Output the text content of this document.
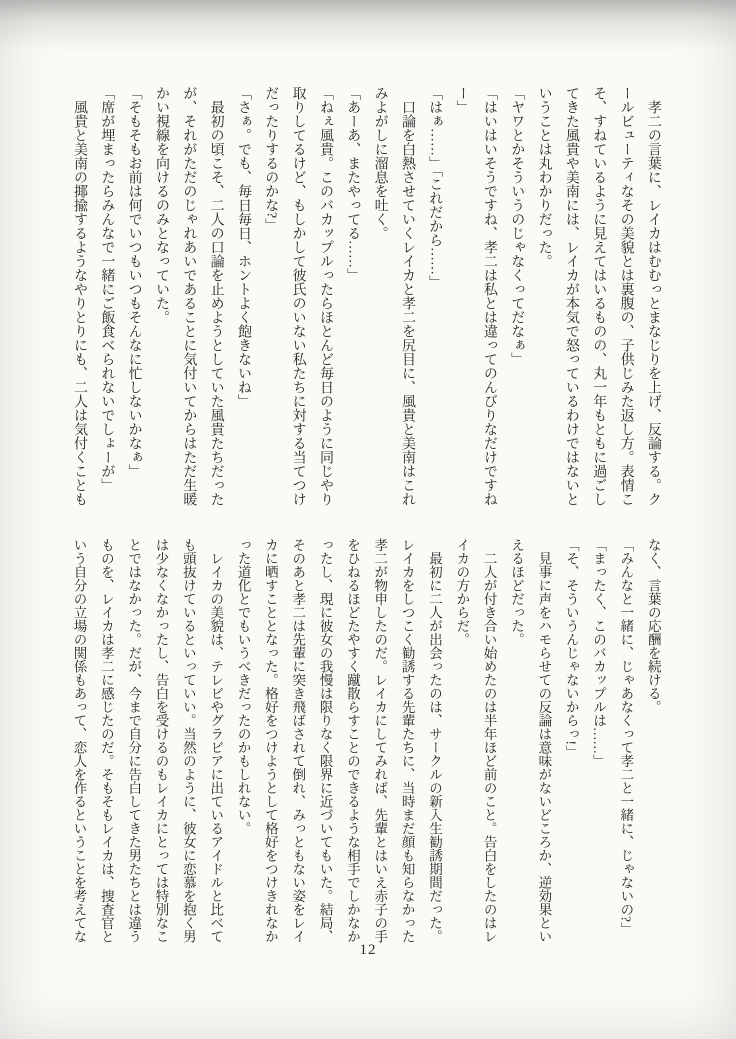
　孝二の言葉に、レイカはむむっとまなじりを上げ、反論する。ク
ールビューティなその美貌とは裏腹の、子供じみた返し方。表情こ
そ、すねているように見えてはいるものの、丸一年もともに過ごし
てきた風貴や美南には、レイカが本気で怒っているわけではないと
いうことは丸わかりだった。
「ヤワとかそういうのじゃなくってだなぁ」
「はいはいそうですね、孝二は私とは違ってのんびりなだけですね
ー」
「はぁ……」「これだから……」
　口論を白熱させていくレイカと孝二を尻目に、風貴と美南はこれ
みよがしに溜息を吐く。
「あーあ、またやってる……」
「ねぇ風貴。このバカップルったらほとんど毎日のように同じやり
取りしてるけど、もしかして彼氏のいない私たちに対する当てつけ
だったりするのかな?」
「さぁ。でも、毎日毎日、ホントよく飽きないね」
　最初の頃こそ、二人の口論を止めようとしていた風貴たちだった
が、それがただのじゃれあいであることに気付いてからはただ生暖
かい視線を向けるのみとなっていた。
「そもそもお前は何でいつもいつもそんなに忙しないかなぁ」
「席が埋まったらみんなで一緒にご飯食べられないでしょーが」
　風貴と美南の揶揄するようなやりとりにも、二人は気付くことも
なく、言葉の応酬を続ける。
「みんなと一緒に、じゃあなくって孝二と一緒に、じゃないの?」
「まったく、このバカップルは……」
「そ、そういうんじゃないからっ!」
　見事に声をハモらせての反論は意味がないどころか、逆効果とい
えるほどだった。
　二人が付き合い始めたのは半年ほど前のこと。告白をしたのはレ
イカの方からだ。
　最初に二人が出会ったのは、サークルの新入生勧誘期間だった。
レイカをしつこく勧誘する先輩たちに、当時まだ顔も知らなかった
孝二が物申したのだ。レイカにしてみれば、先輩とはいえ赤子の手
をひねるほどたやすく蹴散らすことのできるような相手でしかなか
ったし、現に彼女の我慢は限りなく限界に近づいてもいた。結局、
そのあと孝二は先輩に突き飛ばされて倒れ、みっともない姿をレイ
カに晒すこととなった。格好をつけようとして格好をつけきれなか
った道化とでもいうべきだったのかもしれない。
　レイカの美貌は、テレビやグラビアに出ているアイドルと比べて
も頭抜けているといっていい。当然のように、彼女に恋慕を抱く男
は少なくなかったし、告白を受けるのもレイカにとっては特別なこ
とではなかった。だが、今まで自分に告白してきた男たちとは違う
ものを、レイカは孝二に感じたのだ。そもそもレイカは、捜査官と
いう自分の立場の関係もあって、恋人を作るということを考えてな
12
